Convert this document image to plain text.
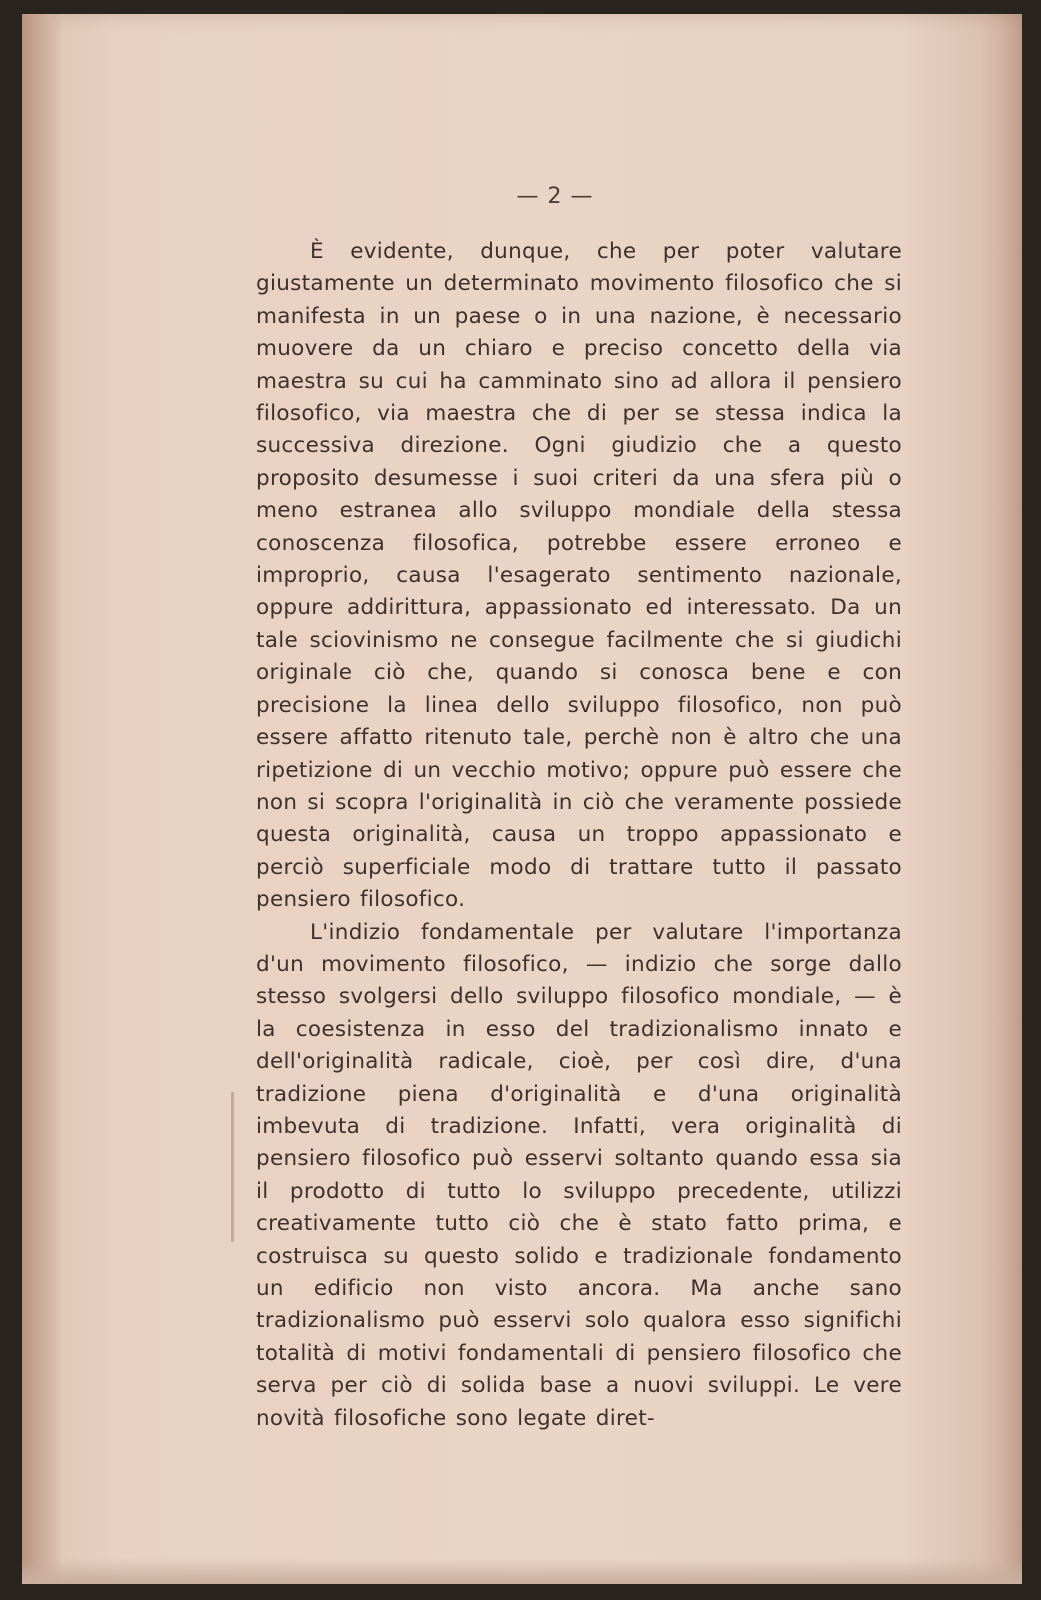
— 2 —

È evidente, dunque, che per poter valutare giustamente un determinato movimento filosofico che si manifesta in un paese o in una nazione, è necessario muovere da un chiaro e preciso concetto della via maestra su cui ha camminato sino ad allora il pensiero filosofico, via maestra che di per se stessa indica la successiva direzione. Ogni giudizio che a questo proposito desumesse i suoi criteri da una sfera più o meno estranea allo sviluppo mondiale della stessa conoscenza filosofica, potrebbe essere erroneo e improprio, causa l'esagerato sentimento nazionale, oppure addirittura, appassionato ed interessato. Da un tale sciovinismo ne consegue facilmente che si giudichi originale ciò che, quando si conosca bene e con precisione la linea dello sviluppo filosofico, non può essere affatto ritenuto tale, perchè non è altro che una ripetizione di un vecchio motivo; oppure può essere che non si scopra l'originalità in ciò che veramente possiede questa originalità, causa un troppo appassionato e perciò superficiale modo di trattare tutto il passato pensiero filosofico.

L'indizio fondamentale per valutare l'importanza d'un movimento filosofico, — indizio che sorge dallo stesso svolgersi dello sviluppo filosofico mondiale, — è la coesistenza in esso del tradizionalismo innato e dell'originalità radicale, cioè, per così dire, d'una tradizione piena d'originalità e d'una originalità imbevuta di tradizione. Infatti, vera originalità di pensiero filosofico può esservi soltanto quando essa sia il prodotto di tutto lo sviluppo precedente, utilizzi creativamente tutto ciò che è stato fatto prima, e costruisca su questo solido e tradizionale fondamento un edificio non visto ancora. Ma anche sano tradizionalismo può esservi solo qualora esso significhi totalità di motivi fondamentali di pensiero filosofico che serva per ciò di solida base a nuovi sviluppi. Le vere novità filosofiche sono legate diret-
